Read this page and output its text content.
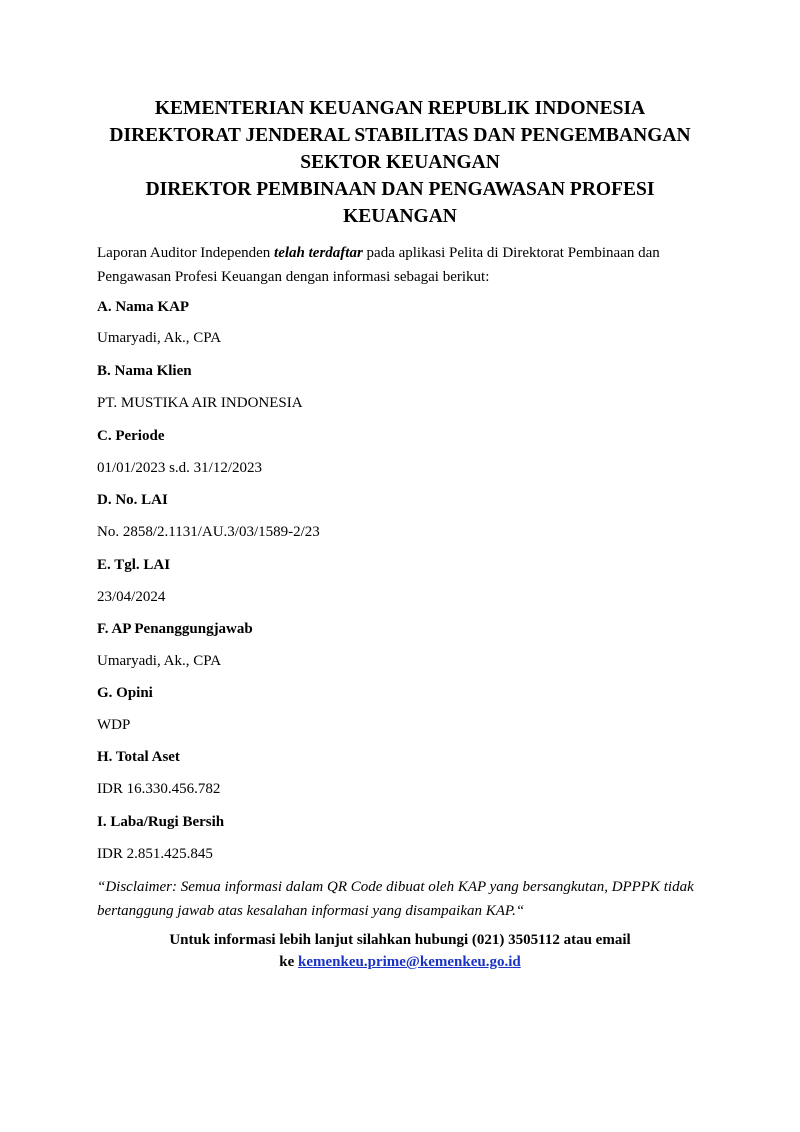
KEMENTERIAN KEUANGAN REPUBLIK INDONESIA
DIREKTORAT JENDERAL STABILITAS DAN PENGEMBANGAN
SEKTOR KEUANGAN
DIREKTOR PEMBINAAN DAN PENGAWASAN PROFESI
KEUANGAN
Laporan Auditor Independen telah terdaftar pada aplikasi Pelita di Direktorat Pembinaan dan Pengawasan Profesi Keuangan dengan informasi sebagai berikut:
A. Nama KAP
Umaryadi, Ak., CPA
B. Nama Klien
PT. MUSTIKA AIR INDONESIA
C. Periode
01/01/2023 s.d. 31/12/2023
D. No. LAI
No. 2858/2.1131/AU.3/03/1589-2/23
E. Tgl. LAI
23/04/2024
F. AP Penanggungjawab
Umaryadi, Ak., CPA
G. Opini
WDP
H. Total Aset
IDR 16.330.456.782
I. Laba/Rugi Bersih
IDR 2.851.425.845
“Disclaimer: Semua informasi dalam QR Code dibuat oleh KAP yang bersangkutan, DPPPK tidak bertanggung jawab atas kesalahan informasi yang disampaikan KAP.“
Untuk informasi lebih lanjut silahkan hubungi (021) 3505112 atau email
ke kemenkeu.prime@kemenkeu.go.id
